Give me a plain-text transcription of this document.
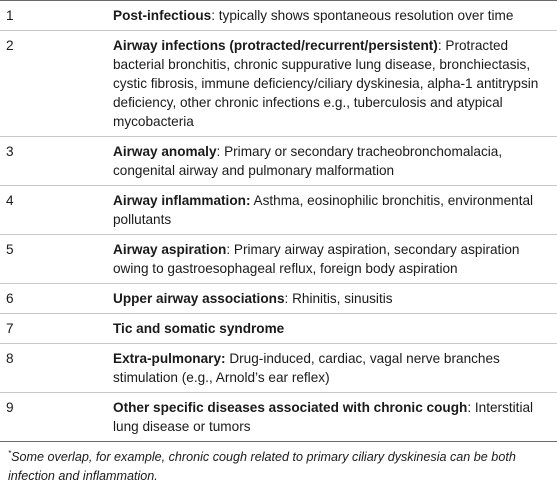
1	Post-infectious: typically shows spontaneous resolution over time
2	Airway infections (protracted/recurrent/persistent): Protracted bacterial bronchitis, chronic suppurative lung disease, bronchiectasis, cystic fibrosis, immune deficiency/ciliary dyskinesia, alpha-1 antitrypsin deficiency, other chronic infections e.g., tuberculosis and atypical mycobacteria
3	Airway anomaly: Primary or secondary tracheobronchomalacia, congenital airway and pulmonary malformation
4	Airway inflammation: Asthma, eosinophilic bronchitis, environmental pollutants
5	Airway aspiration: Primary airway aspiration, secondary aspiration owing to gastroesophageal reflux, foreign body aspiration
6	Upper airway associations: Rhinitis, sinusitis
7	Tic and somatic syndrome
8	Extra-pulmonary: Drug-induced, cardiac, vagal nerve branches stimulation (e.g., Arnold’s ear reflex)
9	Other specific diseases associated with chronic cough: Interstitial lung disease or tumors
*Some overlap, for example, chronic cough related to primary ciliary dyskinesia can be both infection and inflammation.
